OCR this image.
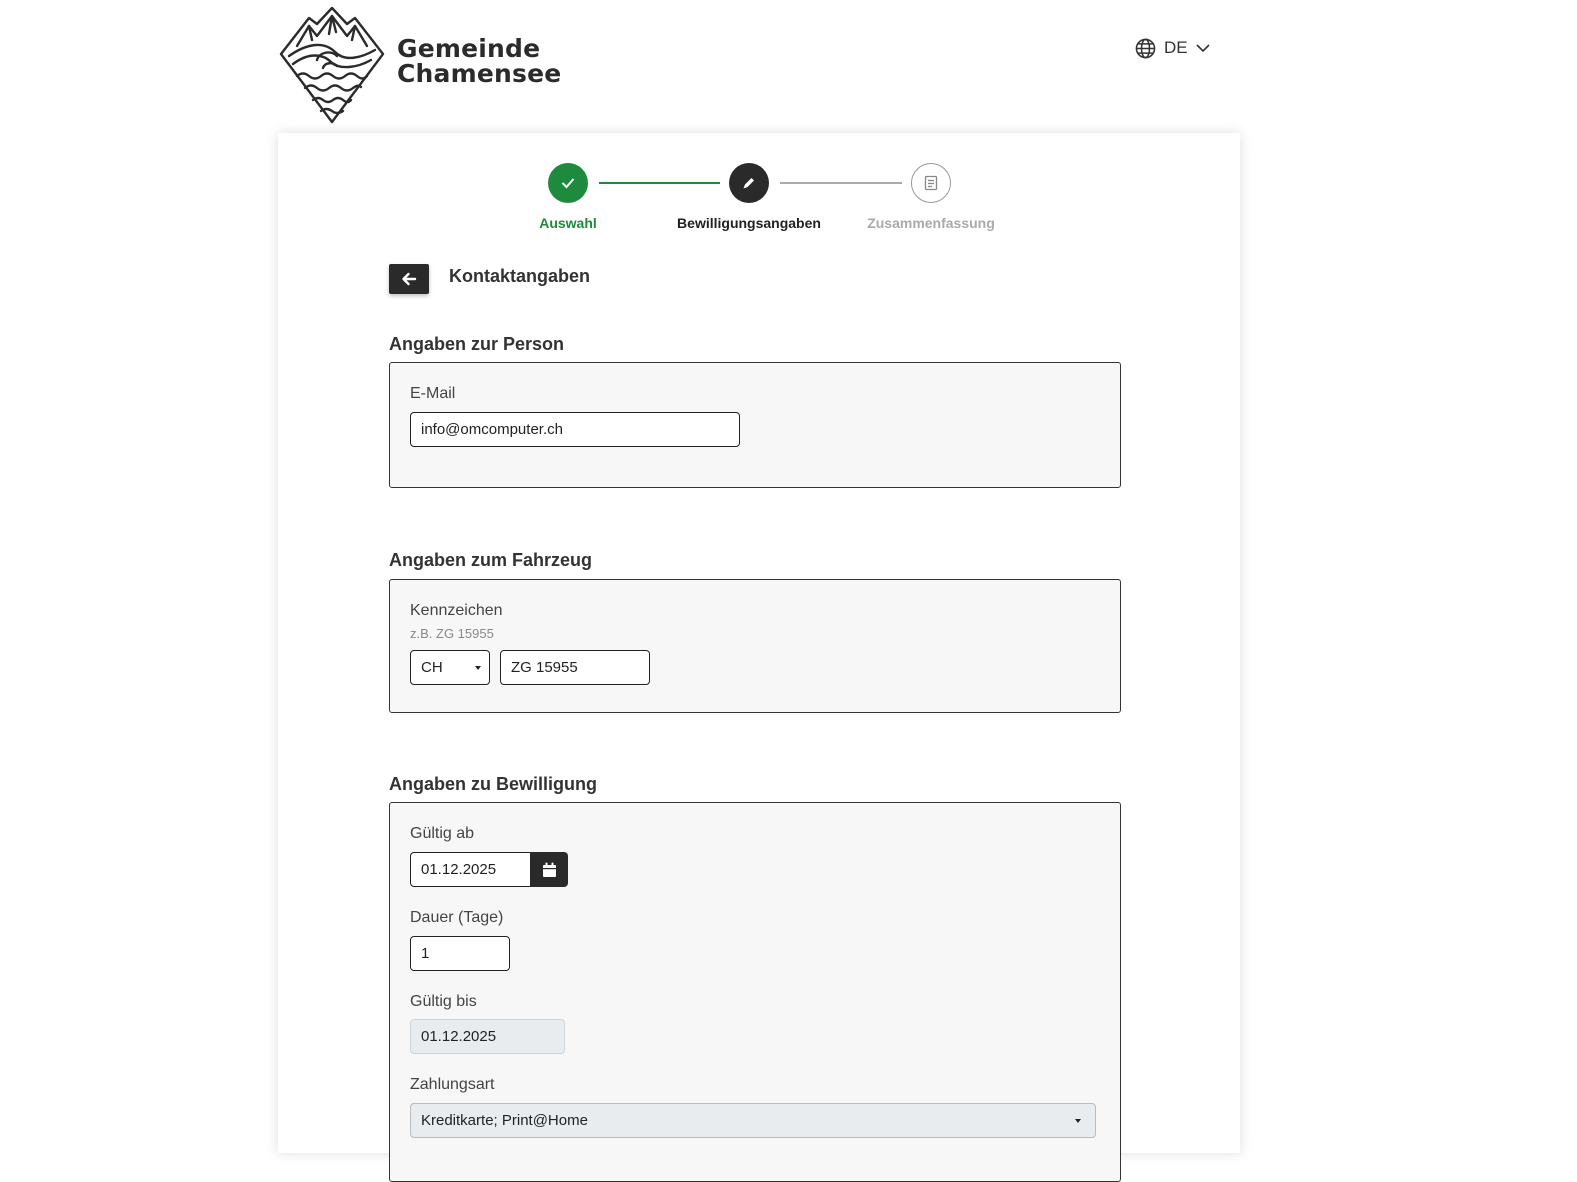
Gemeinde
Chamensee
DE
Auswahl	Bewilligungsangaben	Zusammenfassung
Kontaktangaben
Angaben zur Person
E-Mail
info@omcomputer.ch
Angaben zum Fahrzeug
Kennzeichen
z.B. ZG 15955
CH	ZG 15955
Angaben zu Bewilligung
Gültig ab
01.12.2025
Dauer (Tage)
1
Gültig bis
01.12.2025
Zahlungsart
Kreditkarte; Print@Home
